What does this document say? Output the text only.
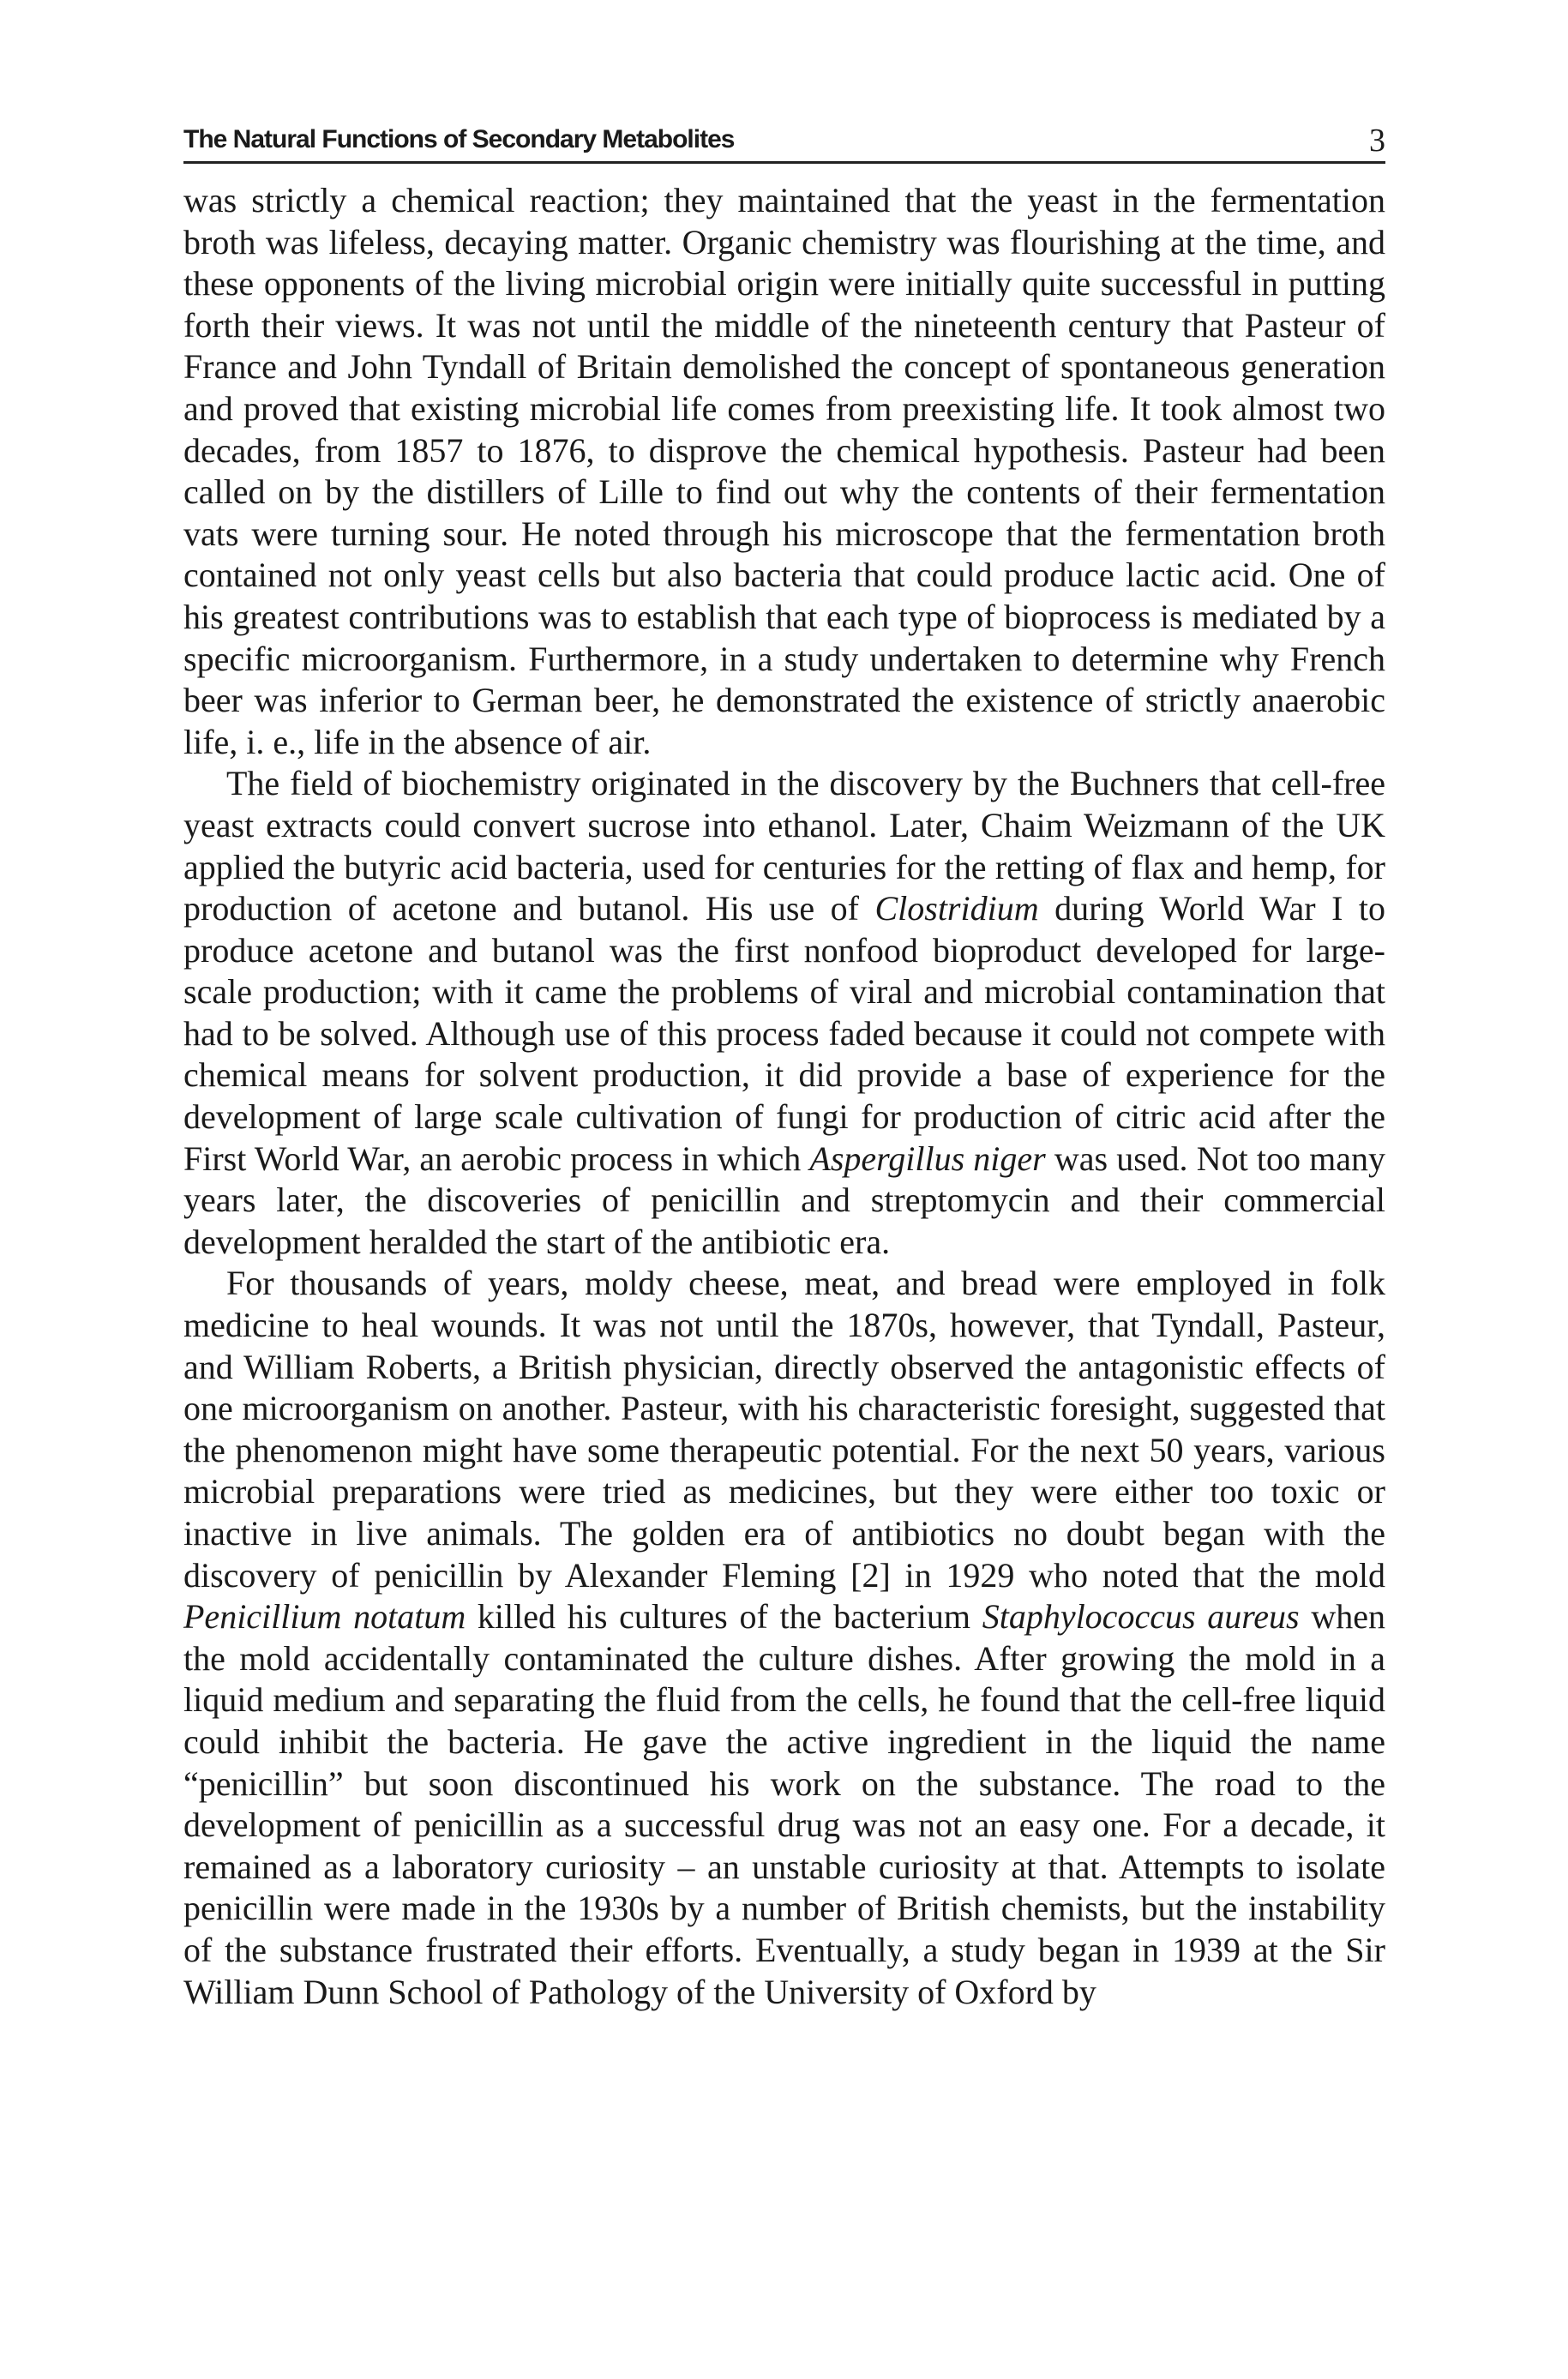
The Natural Functions of Secondary Metabolites	3

was strictly a chemical reaction; they maintained that the yeast in the fermentation broth was lifeless, decaying matter. Organic chemistry was flourishing at the time, and these opponents of the living microbial origin were initially quite successful in putting forth their views. It was not until the middle of the nineteenth century that Pasteur of France and John Tyndall of Britain demolished the concept of spontaneous generation and proved that existing microbial life comes from preexisting life. It took almost two decades, from 1857 to 1876, to disprove the chemical hypothesis. Pasteur had been called on by the distillers of Lille to find out why the contents of their fermentation vats were turning sour. He noted through his microscope that the fermentation broth contained not only yeast cells but also bacteria that could produce lactic acid. One of his greatest contributions was to establish that each type of bioprocess is mediated by a specific microorganism. Furthermore, in a study undertaken to determine why French beer was inferior to German beer, he demonstrated the existence of strictly anaerobic life, i. e., life in the absence of air.

The field of biochemistry originated in the discovery by the Buchners that cell-free yeast extracts could convert sucrose into ethanol. Later, Chaim Weizmann of the UK applied the butyric acid bacteria, used for centuries for the retting of flax and hemp, for production of acetone and butanol. His use of Clostridium during World War I to produce acetone and butanol was the first nonfood bioproduct developed for large-scale production; with it came the problems of viral and microbial contamination that had to be solved. Although use of this process faded because it could not compete with chemical means for solvent production, it did provide a base of experience for the development of large scale cultivation of fungi for production of citric acid after the First World War, an aerobic process in which Aspergillus niger was used. Not too many years later, the discoveries of penicillin and streptomycin and their commercial development heralded the start of the antibiotic era.

For thousands of years, moldy cheese, meat, and bread were employed in folk medicine to heal wounds. It was not until the 1870s, however, that Tyndall, Pasteur, and William Roberts, a British physician, directly observed the antagonistic effects of one microorganism on another. Pasteur, with his characteristic foresight, suggested that the phenomenon might have some therapeutic potential. For the next 50 years, various microbial preparations were tried as medicines, but they were either too toxic or inactive in live animals. The golden era of antibiotics no doubt began with the discovery of penicillin by Alexander Fleming [2] in 1929 who noted that the mold Penicillium notatum killed his cultures of the bacterium Staphylococcus aureus when the mold accidentally contaminated the culture dishes. After growing the mold in a liquid medium and separating the fluid from the cells, he found that the cell-free liquid could inhibit the bacteria. He gave the active ingredient in the liquid the name “penicillin” but soon discontinued his work on the substance. The road to the development of penicillin as a successful drug was not an easy one. For a decade, it remained as a laboratory curiosity – an unstable curiosity at that. Attempts to isolate penicillin were made in the 1930s by a number of British chemists, but the instability of the substance frustrated their efforts. Eventually, a study began in 1939 at the Sir William Dunn School of Pathology of the University of Oxford by
